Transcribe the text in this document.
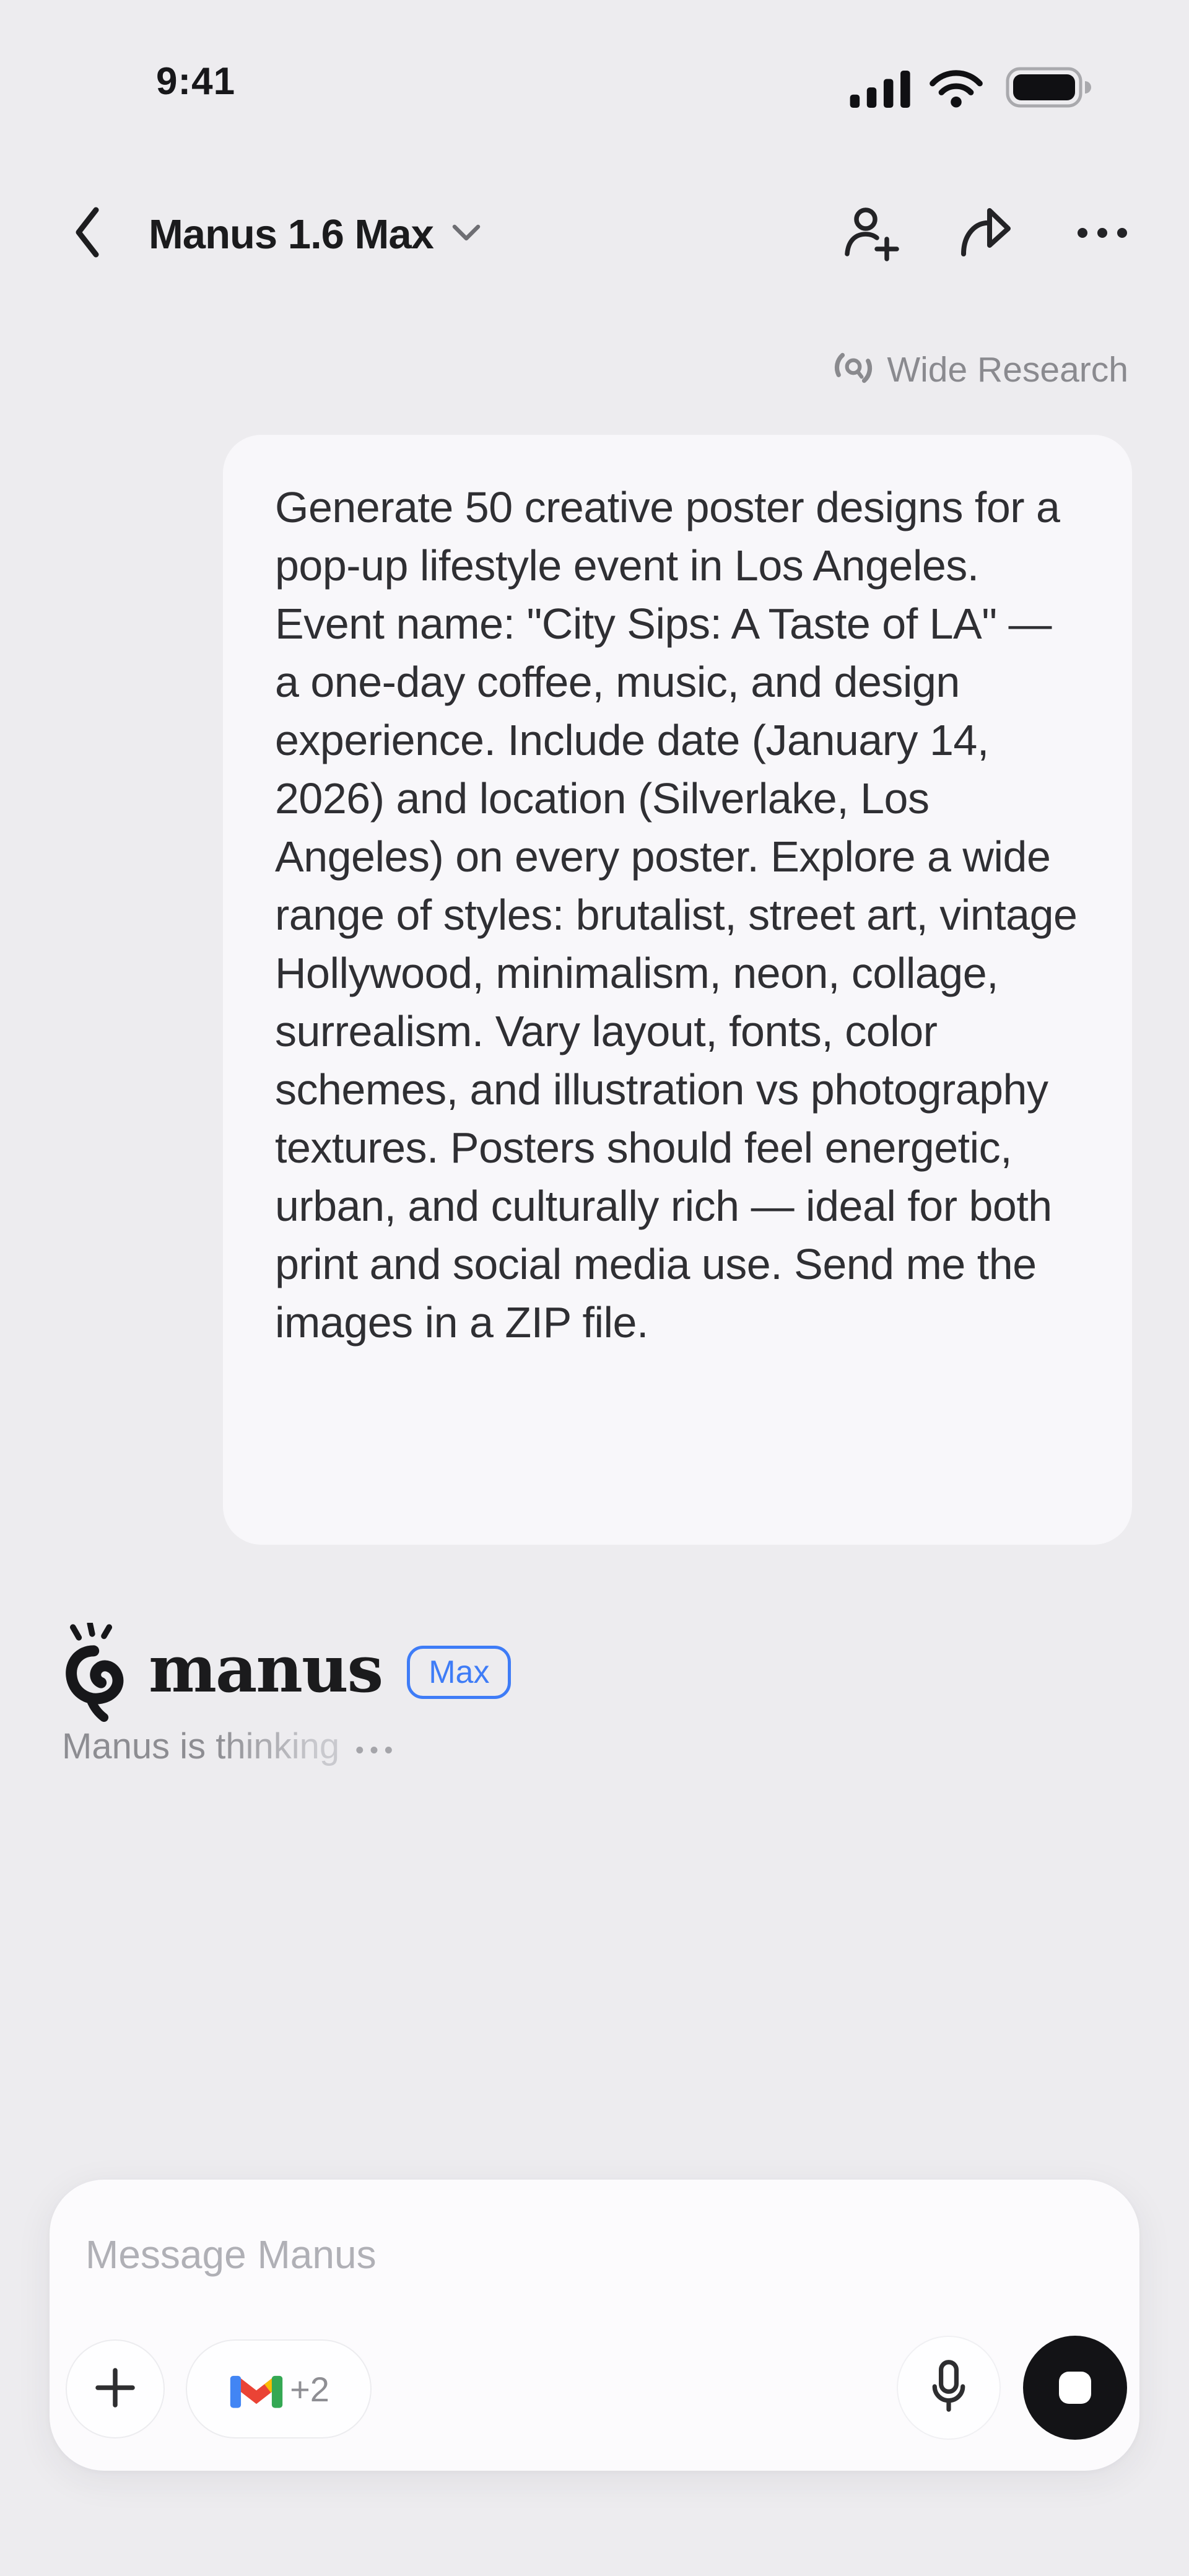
9:41
Manus 1.6 Max
Wide Research

Generate 50 creative poster designs for a pop-up lifestyle event in Los Angeles. Event name: "City Sips: A Taste of LA" — a one-day coffee, music, and design experience. Include date (January 14, 2026) and location (Silverlake, Los Angeles) on every poster. Explore a wide range of styles: brutalist, street art, vintage Hollywood, minimalism, neon, collage, surrealism. Vary layout, fonts, color schemes, and illustration vs photography textures. Posters should feel energetic, urban, and culturally rich — ideal for both print and social media use. Send me the images in a ZIP file.

manus	Max
Manus is thinking •••
Message Manus
+2
